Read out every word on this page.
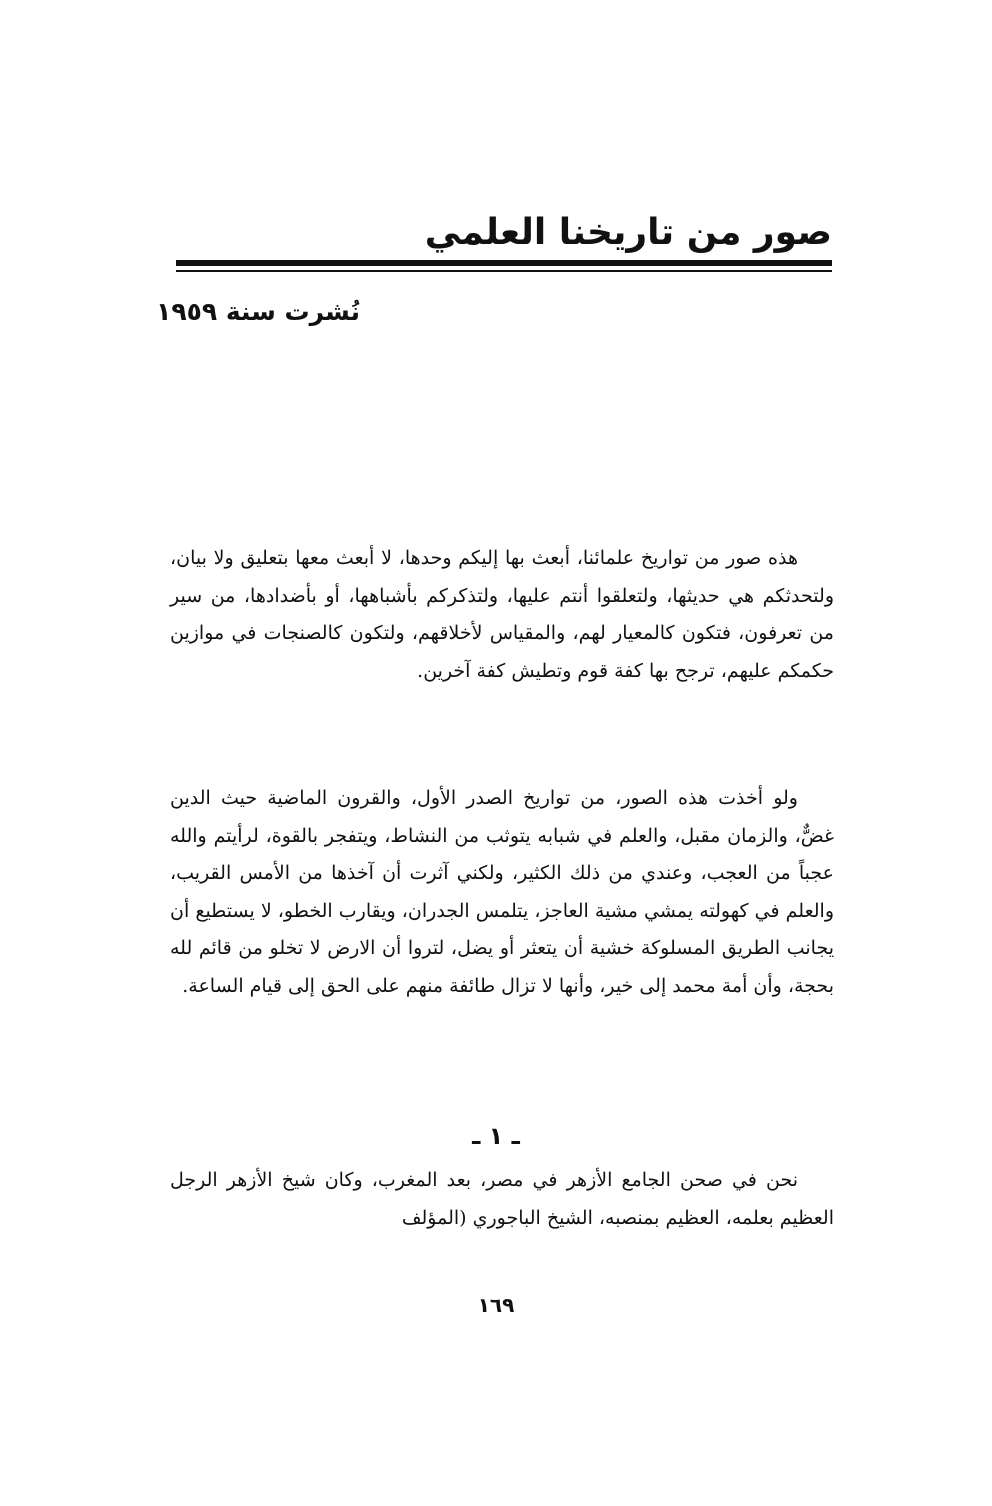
صور من تاريخنا العلمي
نُشرت سنة ١٩٥٩

هذه صور من تواريخ علمائنا، أبعث بها إليكم وحدها، لا أبعث معها بتعليق ولا بيان، ولتحدثكم هي حديثها، ولتعلقوا أنتم عليها، ولتذكركم بأشباهها، أو بأضدادها، من سير من تعرفون، فتكون كالمعيار لهم، والمقياس لأخلاقهم، ولتكون كالصنجات في موازين حكمكم عليهم، ترجح بها كفة قوم وتطيش كفة آخرين.

ولو أخذت هذه الصور، من تواريخ الصدر الأول، والقرون الماضية حيث الدين غضٌّ، والزمان مقبل، والعلم في شبابه يتوثب من النشاط، ويتفجر بالقوة، لرأيتم والله عجباً من العجب، وعندي من ذلك الكثير، ولكني آثرت أن آخذها من الأمس القريب، والعلم في كهولته يمشي مشية العاجز، يتلمس الجدران، ويقارب الخطو، لا يستطيع أن يجانب الطريق المسلوكة خشية أن يتعثر أو يضل، لتروا أن الارض لا تخلو من قائم لله بحجة، وأن أمة محمد إلى خير، وأنها لا تزال طائفة منهم على الحق إلى قيام الساعة.

ـ ١ ـ

نحن في صحن الجامع الأزهر في مصر، بعد المغرب، وكان شيخ الأزهر الرجل العظيم بعلمه، العظيم بمنصبه، الشيخ الباجوري (المؤلف

١٦٩
